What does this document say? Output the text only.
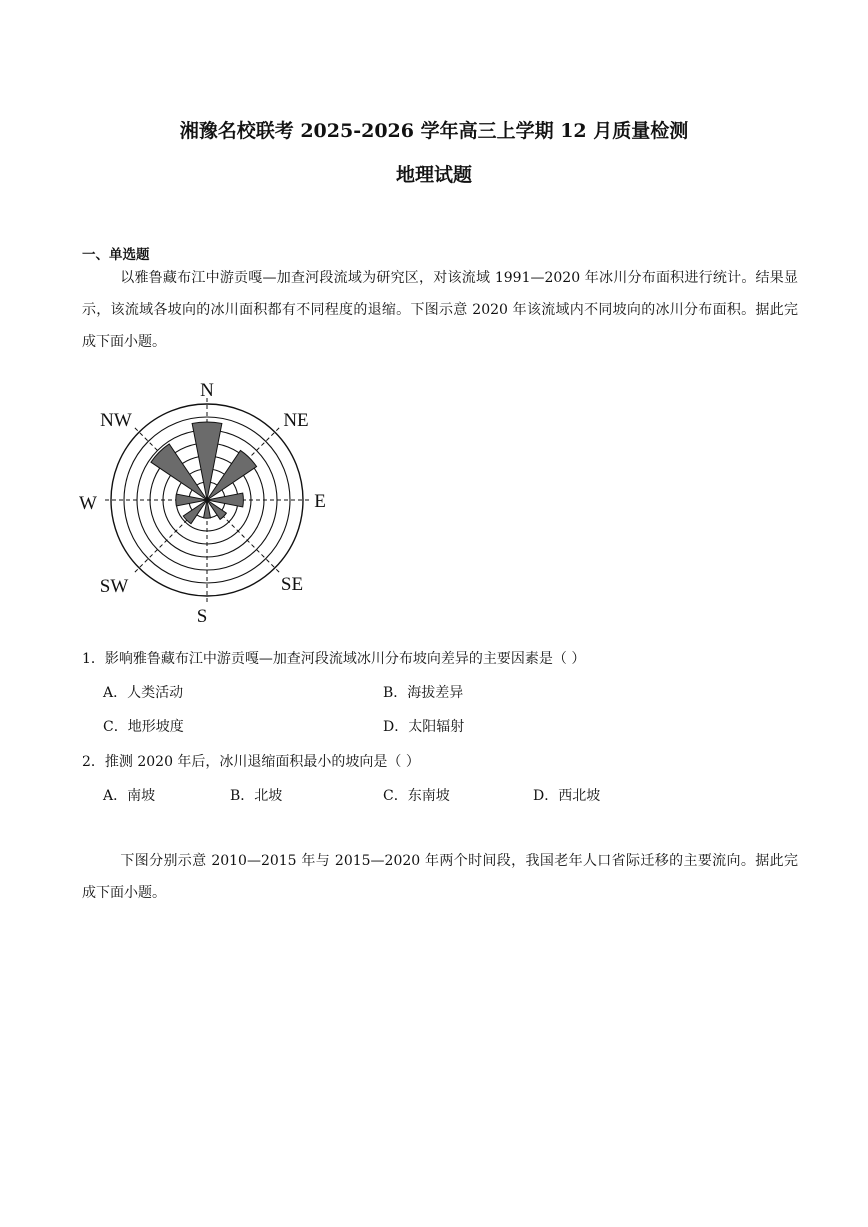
湘豫名校联考 2025-2026 学年高三上学期 12 月质量检测
地理试题
一、单选题
以雅鲁藏布江中游贡嘎—加查河段流域为研究区，对该流域 1991—2020 年冰川分布面积进行统计。结果显示，该流域各坡向的冰川面积都有不同程度的退缩。下图示意 2020 年该流域内不同坡向的冰川分布面积。据此完成下面小题。
N
NE
E
SE
S
SW
W
NW
1．影响雅鲁藏布江中游贡嘎—加查河段流域冰川分布坡向差异的主要因素是（ ）
A．人类活动	B．海拔差异
C．地形坡度	D．太阳辐射
2．推测 2020 年后，冰川退缩面积最小的坡向是（ ）
A．南坡	B．北坡	C．东南坡	D．西北坡
下图分别示意 2010—2015 年与 2015—2020 年两个时间段，我国老年人口省际迁移的主要流向。据此完成下面小题。
